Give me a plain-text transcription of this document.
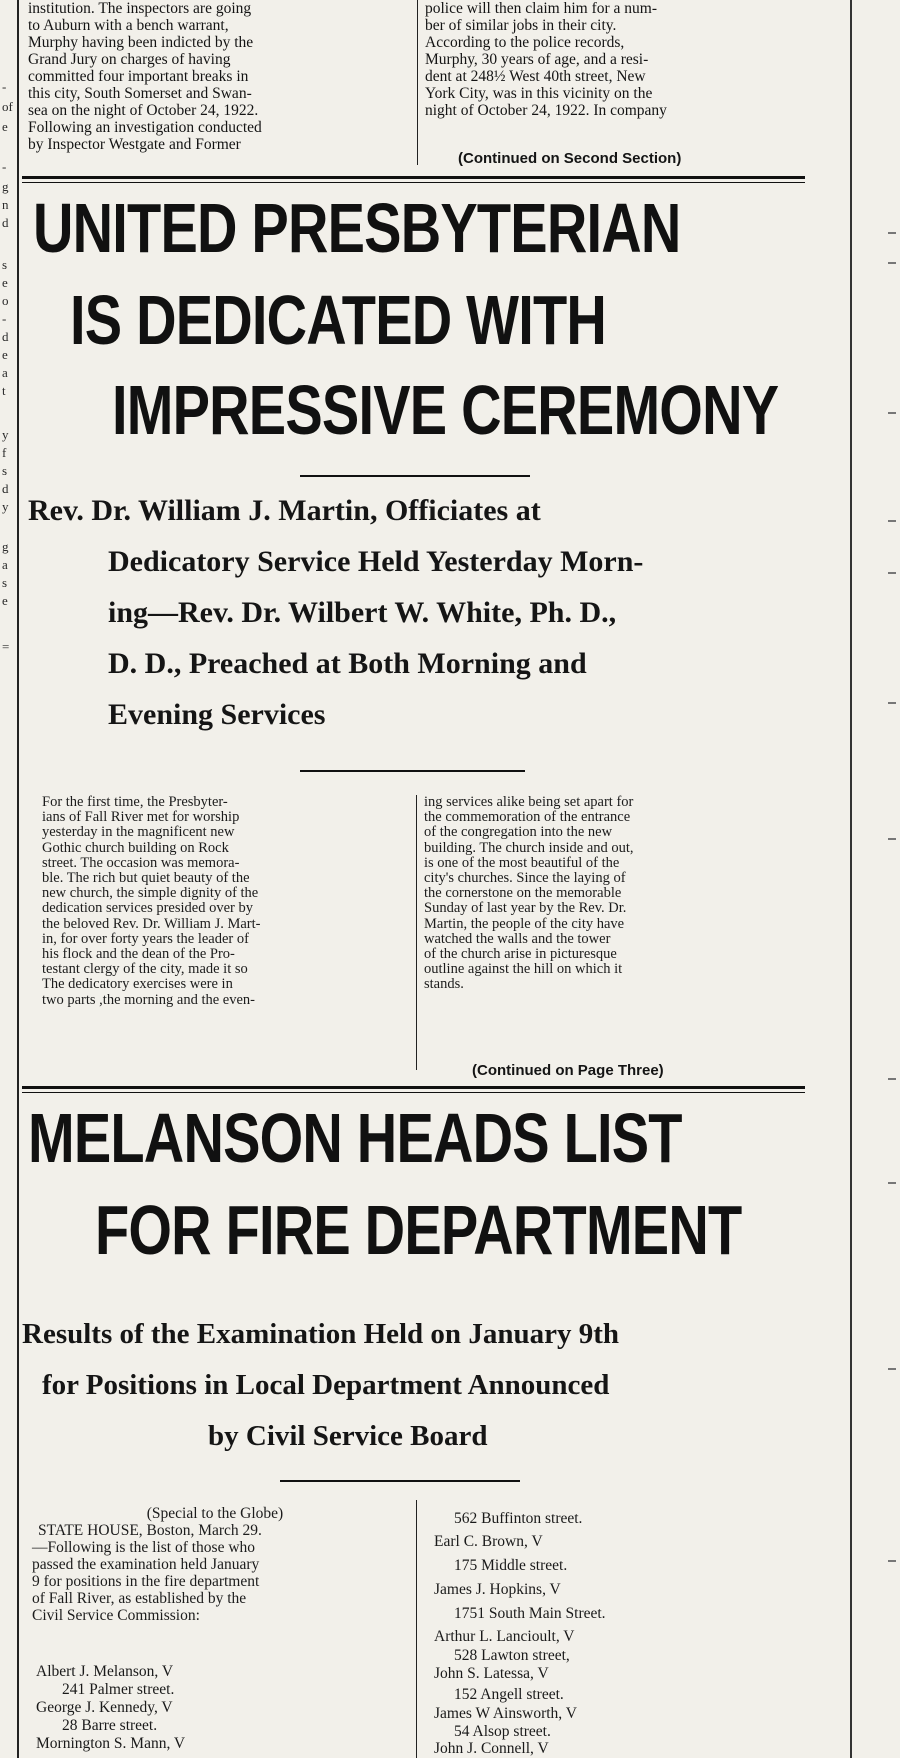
-
of
e
-
g
n
d
s
e
o
-
d
e
a
t
y
f
s
d
y
g
a
s
e
=
institution. The inspectors are going
to Auburn with a bench warrant,
Murphy having been indicted by the
Grand Jury on charges of having
committed four important breaks in
this city, South Somerset and Swan-
sea on the night of October 24, 1922.
Following an investigation conducted
by Inspector Westgate and Former
police will then claim him for a num-
ber of similar jobs in their city.
According to the police records,
Murphy, 30 years of age, and a resi-
dent at 248½ West 40th street, New
York City, was in this vicinity on the
night of October 24, 1922. In company
(Continued on Second Section)
UNITED PRESBYTERIAN
IS DEDICATED WITH
IMPRESSIVE CEREMONY
Rev. Dr. William J. Martin, Officiates at
Dedicatory Service Held Yesterday Morn-
ing—Rev. Dr. Wilbert W. White, Ph. D.,
D. D., Preached at Both Morning and
Evening Services
For the first time, the Presbyter-
ians of Fall River met for worship
yesterday in the magnificent new
Gothic church building on Rock
street. The occasion was memora-
ble. The rich but quiet beauty of the
new church, the simple dignity of the
dedication services presided over by
the beloved Rev. Dr. William J. Mart-
in, for over forty years the leader of
his flock and the dean of the Pro-
testant clergy of the city, made it so
The dedicatory exercises were in
two parts ,the morning and the even-
ing services alike being set apart for
the commemoration of the entrance
of the congregation into the new
building. The church inside and out,
is one of the most beautiful of the
city's churches. Since the laying of
the cornerstone on the memorable
Sunday of last year by the Rev. Dr.
Martin, the people of the city have
watched the walls and the tower
of the church arise in picturesque
outline against the hill on which it
stands.
(Continued on Page Three)
MELANSON HEADS LIST
FOR FIRE DEPARTMENT
Results of the Examination Held on January 9th
for Positions in Local Department Announced
by Civil Service Board
(Special to the Globe)
STATE HOUSE, Boston, March 29.
—Following is the list of those who
passed the examination held January
9 for positions in the fire department
of Fall River, as established by the
Civil Service Commission:
Albert J. Melanson, V
241 Palmer street.
George J. Kennedy, V
28 Barre street.
Mornington S. Mann, V
562 Buffinton street.
Earl C. Brown, V
175 Middle street.
James J. Hopkins, V
1751 South Main Street.
Arthur L. Lancioult, V
528 Lawton street,
John S. Latessa, V
152 Angell street.
James W Ainsworth, V
54 Alsop street.
John J. Connell, V
